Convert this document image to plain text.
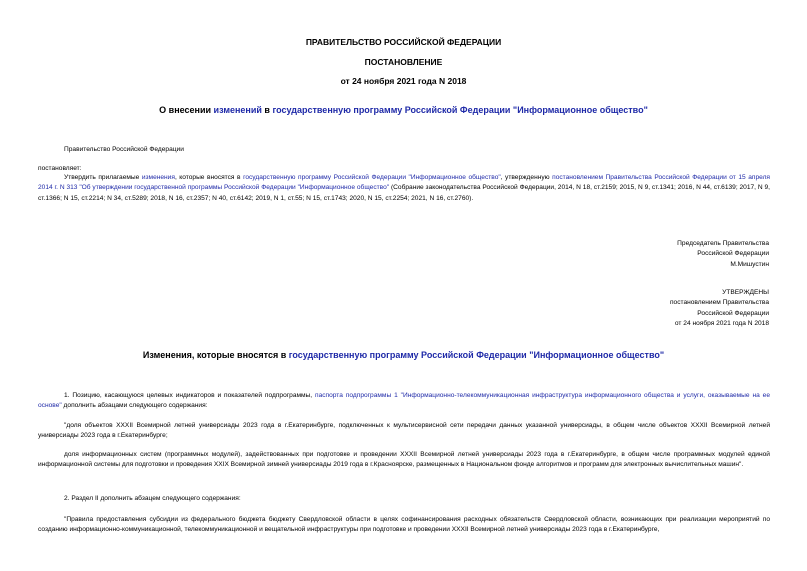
ПРАВИТЕЛЬСТВО РОССИЙСКОЙ ФЕДЕРАЦИИ
ПОСТАНОВЛЕНИЕ
от 24 ноября 2021 года N 2018
О внесении изменений в государственную программу Российской Федерации "Информационное общество"
Правительство Российской Федерации
постановляет:
Утвердить прилагаемые изменения, которые вносятся в государственную программу Российской Федерации "Информационное общество", утвержденную постановлением Правительства Российской Федерации от 15 апреля 2014 г. N 313 "Об утверждении государственной программы Российской Федерации "Информационное общество" (Собрание законодательства Российской Федерации, 2014, N 18, ст.2159; 2015, N 9, ст.1341; 2016, N 44, ст.6139; 2017, N 9, ст.1366; N 15, ст.2214; N 34, ст.5289; 2018, N 16, ст.2357; N 40, ст.6142; 2019, N 1, ст.55; N 15, ст.1743; 2020, N 15, ст.2254; 2021, N 16, ст.2760).
Председатель Правительства
Российской Федерации
М.Мишустин
УТВЕРЖДЕНЫ
постановлением Правительства
Российской Федерации
от 24 ноября 2021 года N 2018
Изменения, которые вносятся в государственную программу Российской Федерации "Информационное общество"
1. Позицию, касающуюся целевых индикаторов и показателей подпрограммы, паспорта подпрограммы 1 "Информационно-телекоммуникационная инфраструктура информационного общества и услуги, оказываемые на ее основе" дополнить абзацами следующего содержания:
"доля объектов XXXII Всемирной летней универсиады 2023 года в г.Екатеринбурге, подключенных к мультисервисной сети передачи данных указанной универсиады, в общем числе объектов XXXII Всемирной летней универсиады 2023 года в г.Екатеринбурге;
доля информационных систем (программных модулей), задействованных при подготовке и проведении XXXII Всемирной летней универсиады 2023 года в г.Екатеринбурге, в общем числе программных модулей единой информационной системы для подготовки и проведения XXIX Всемирной зимней универсиады 2019 года в г.Красноярске, размещенных в Национальном фонде алгоритмов и программ для электронных вычислительных машин".
2. Раздел II дополнить абзацем следующего содержания:
"Правила предоставления субсидии из федерального бюджета бюджету Свердловской области в целях софинансирования расходных обязательств Свердловской области, возникающих при реализации мероприятий по созданию информационно-коммуникационной, телекоммуникационной и вещательной инфраструктуры при подготовке и проведении XXXII Всемирной летней универсиады 2023 года в г.Екатеринбурге,
